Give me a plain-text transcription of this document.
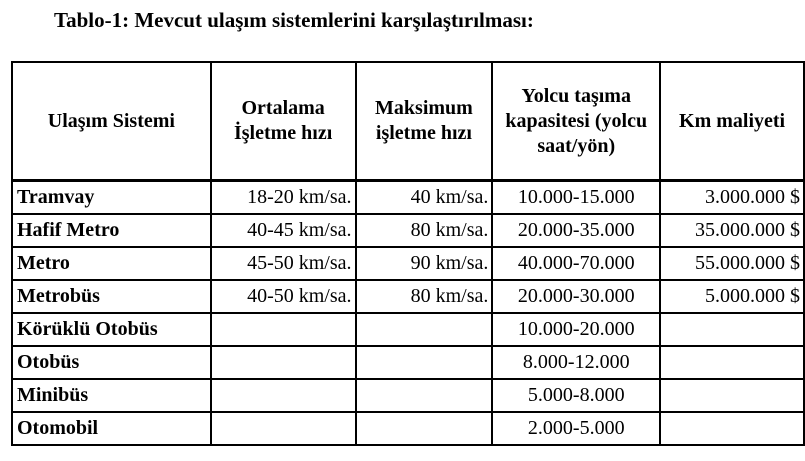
Tablo-1: Mevcut ulaşım sistemlerini karşılaştırılması:
Ulaşım Sistemi	Ortalama İşletme hızı	Maksimum işletme hızı	Yolcu taşıma kapasitesi (yolcu saat/yön)	Km maliyeti
Tramvay	18-20 km/sa.	40 km/sa.	10.000-15.000	3.000.000 $
Hafif Metro	40-45 km/sa.	80 km/sa.	20.000-35.000	35.000.000 $
Metro	45-50 km/sa.	90 km/sa.	40.000-70.000	55.000.000 $
Metrobüs	40-50 km/sa.	80 km/sa.	20.000-30.000	5.000.000 $
Körüklü Otobüs			10.000-20.000	
Otobüs			8.000-12.000	
Minibüs			5.000-8.000	
Otomobil			2.000-5.000	
